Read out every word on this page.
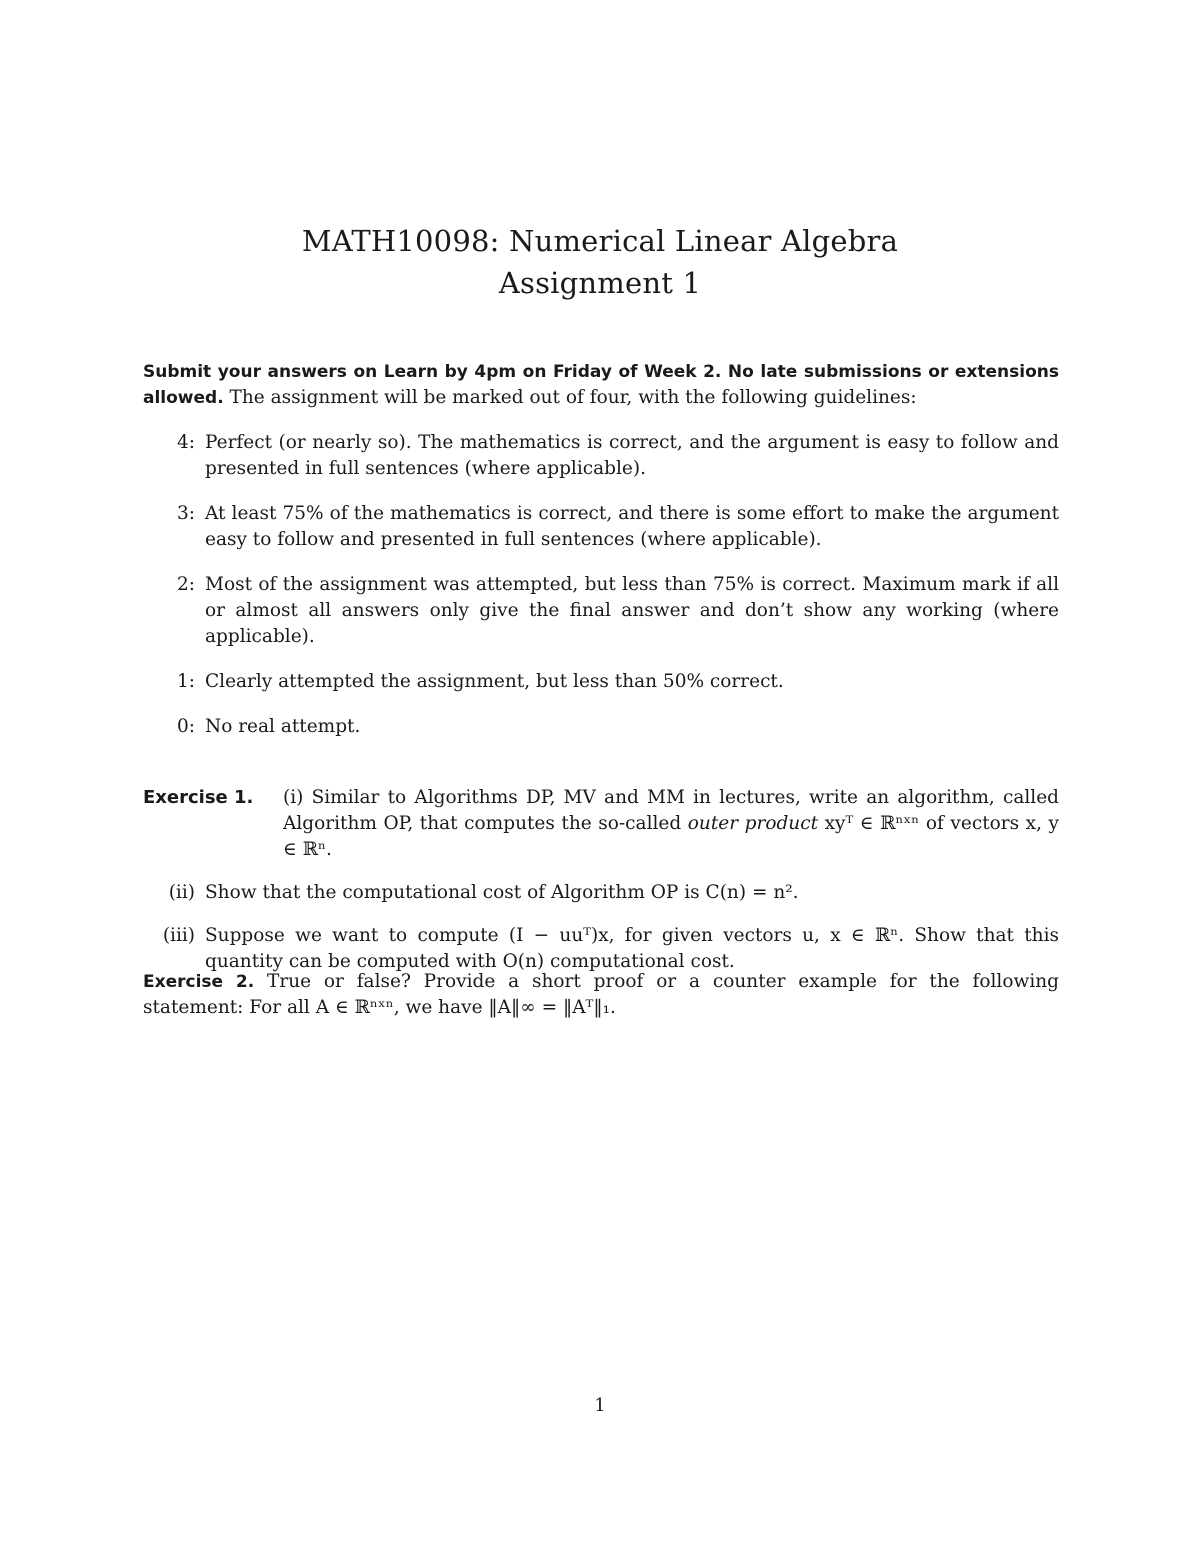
MATH10098: Numerical Linear Algebra
Assignment 1
Submit your answers on Learn by 4pm on Friday of Week 2. No late submissions or extensions allowed. The assignment will be marked out of four, with the following guidelines:
4: Perfect (or nearly so). The mathematics is correct, and the argument is easy to follow and presented in full sentences (where applicable).
3: At least 75% of the mathematics is correct, and there is some effort to make the argument easy to follow and presented in full sentences (where applicable).
2: Most of the assignment was attempted, but less than 75% is correct. Maximum mark if all or almost all answers only give the final answer and don’t show any working (where applicable).
1: Clearly attempted the assignment, but less than 50% correct.
0: No real attempt.
Exercise 1.	(i) Similar to Algorithms DP, MV and MM in lectures, write an algorithm, called Algorithm OP, that computes the so-called outer product xyᵀ ∈ ℝⁿˣⁿ of vectors x, y ∈ ℝⁿ.
(ii) Show that the computational cost of Algorithm OP is C(n) = n².
(iii) Suppose we want to compute (I − uuᵀ)x, for given vectors u, x ∈ ℝⁿ. Show that this quantity can be computed with O(n) computational cost.
Exercise 2. True or false? Provide a short proof or a counter example for the following statement: For all A ∈ ℝⁿˣⁿ, we have ‖A‖∞ = ‖Aᵀ‖₁.
1
